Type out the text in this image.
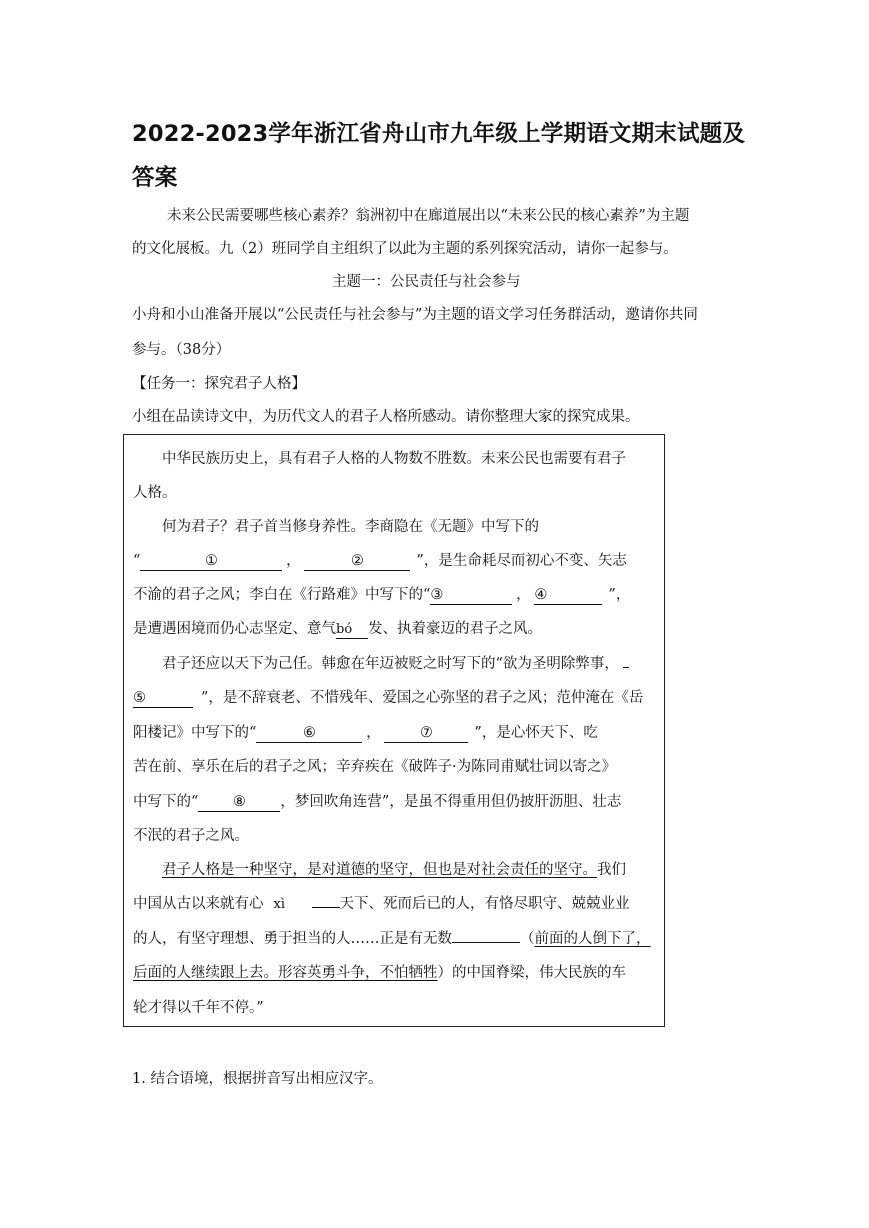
2022-2023学年浙江省舟山市九年级上学期语文期末试题及答案
未来公民需要哪些核心素养？翁洲初中在廊道展出以“未来公民的核心素养”为主题
的文化展板。九（2）班同学自主组织了以此为主题的系列探究活动，请你一起参与。
主题一：公民责任与社会参与
小舟和小山准备开展以“公民责任与社会参与”为主题的语文学习任务群活动，邀请你共同
参与。（38分）
【任务一：探究君子人格】
小组在品读诗文中，为历代文人的君子人格所感动。请你整理大家的探究成果。
中华民族历史上，具有君子人格的人物数不胜数。未来公民也需要有君子
人格。
何为君子？君子首当修身养性。李商隐在《无题》中写下的
“	①	，	②	”，是生命耗尽而初心不变、矢志
不渝的君子之风；李白在《行路难》中写下的“③	， ④	”，
是遭遇困境而仍心志坚定、意气bó 发、执着豪迈的君子之风。
君子还应以天下为己任。韩愈在年迈被贬之时写下的“欲为圣明除弊事，
⑤	”，是不辞衰老、不惜残年、爱国之心弥坚的君子之风；范仲淹在《岳
阳楼记》中写下的“	⑥	，	⑦	”，是心怀天下、吃
苦在前、享乐在后的君子之风；辛弃疾在《破阵子·为陈同甫赋壮词以寄之》
中写下的“ ⑧ ，梦回吹角连营”，是虽不得重用但仍披肝沥胆、壮志
不泯的君子之风。
君子人格是一种坚守，是对道德的坚守，但也是对社会责任的坚守。我们
中国从古以来就有心 xì	天下、死而后已的人，有恪尽职守、兢兢业业
的人，有坚守理想、勇于担当的人……正是有无数	（前面的人倒下了，
后面的人继续跟上去。形容英勇斗争，不怕牺牲）的中国脊梁，伟大民族的车
轮才得以千年不停。”
1. 结合语境，根据拼音写出相应汉字。
